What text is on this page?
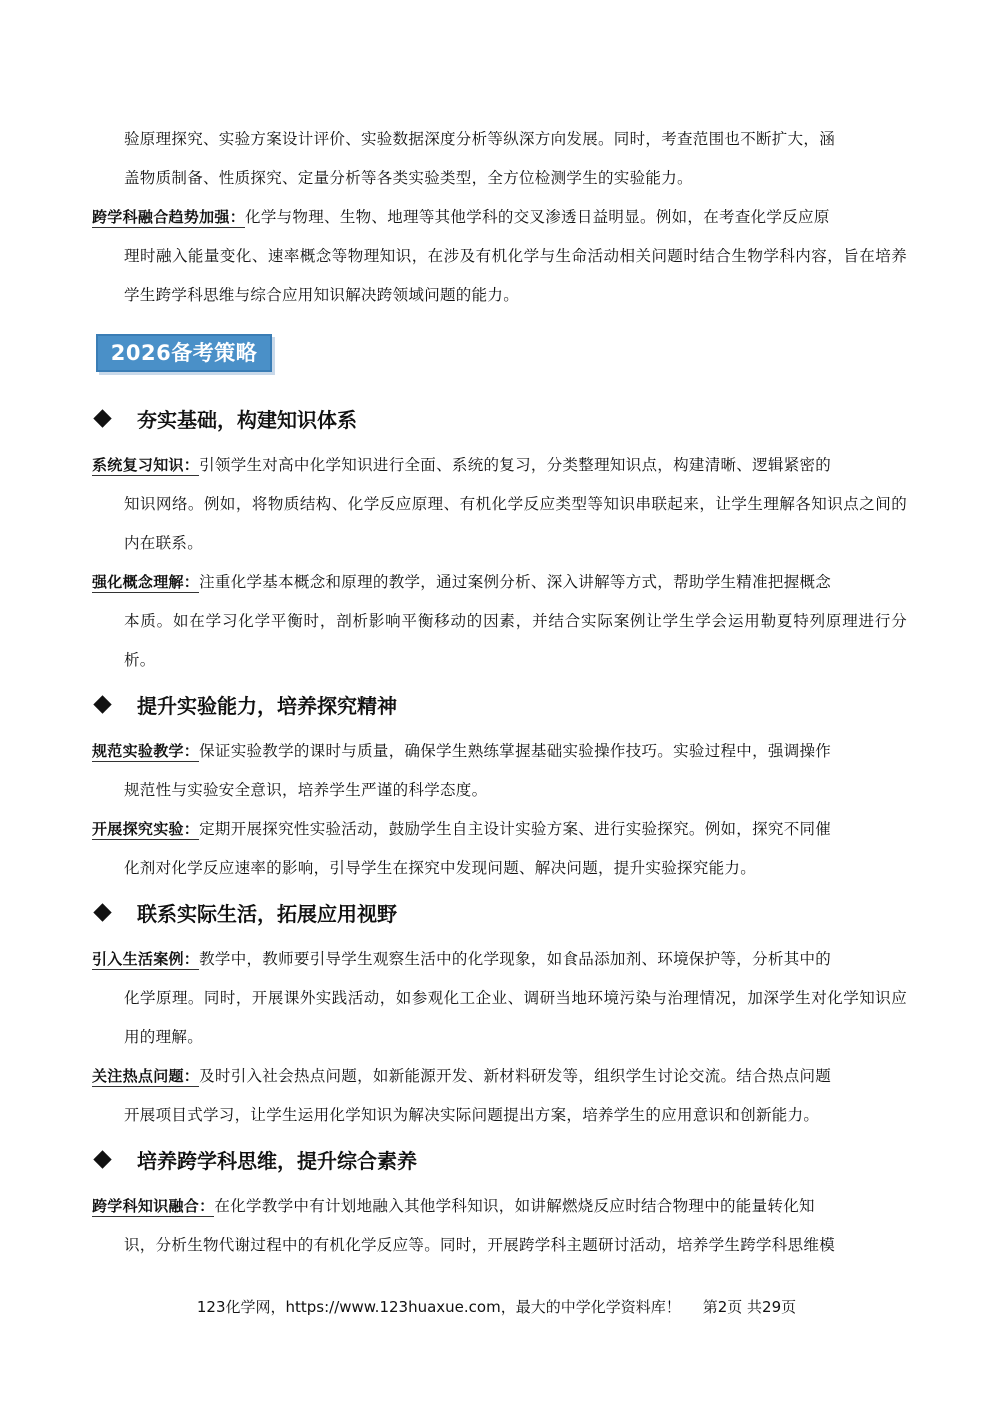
验原理探究、实验方案设计评价、实验数据深度分析等纵深方向发展。同时，考查范围也不断扩大，涵
盖物质制备、性质探究、定量分析等各类实验类型，全方位检测学生的实验能力。
跨学科融合趋势加强：化学与物理、生物、地理等其他学科的交叉渗透日益明显。例如，在考查化学反应原
理时融入能量变化、速率概念等物理知识，在涉及有机化学与生命活动相关问题时结合生物学科内容，旨在培养学生跨学科思维与综合应用知识解决跨领域问题的能力。
2026备考策略
夯实基础，构建知识体系
系统复习知识：引领学生对高中化学知识进行全面、系统的复习，分类整理知识点，构建清晰、逻辑紧密的
知识网络。例如，将物质结构、化学反应原理、有机化学反应类型等知识串联起来，让学生理解各知识点之间的内在联系。
强化概念理解：注重化学基本概念和原理的教学，通过案例分析、深入讲解等方式，帮助学生精准把握概念
本质。如在学习化学平衡时，剖析影响平衡移动的因素，并结合实际案例让学生学会运用勒夏特列原理进行分析。
提升实验能力，培养探究精神
规范实验教学：保证实验教学的课时与质量，确保学生熟练掌握基础实验操作技巧。实验过程中，强调操作
规范性与实验安全意识，培养学生严谨的科学态度。
开展探究实验：定期开展探究性实验活动，鼓励学生自主设计实验方案、进行实验探究。例如，探究不同催
化剂对化学反应速率的影响，引导学生在探究中发现问题、解决问题，提升实验探究能力。
联系实际生活，拓展应用视野
引入生活案例：教学中，教师要引导学生观察生活中的化学现象，如食品添加剂、环境保护等，分析其中的
化学原理。同时，开展课外实践活动，如参观化工企业、调研当地环境污染与治理情况，加深学生对化学知识应用的理解。
关注热点问题：及时引入社会热点问题，如新能源开发、新材料研发等，组织学生讨论交流。结合热点问题
开展项目式学习，让学生运用化学知识为解决实际问题提出方案，培养学生的应用意识和创新能力。
培养跨学科思维，提升综合素养
跨学科知识融合：在化学教学中有计划地融入其他学科知识，如讲解燃烧反应时结合物理中的能量转化知
识，分析生物代谢过程中的有机化学反应等。同时，开展跨学科主题研讨活动，培养学生跨学科思维模
123化学网，https://www.123huaxue.com，最大的中学化学资料库！ 第2页 共29页
